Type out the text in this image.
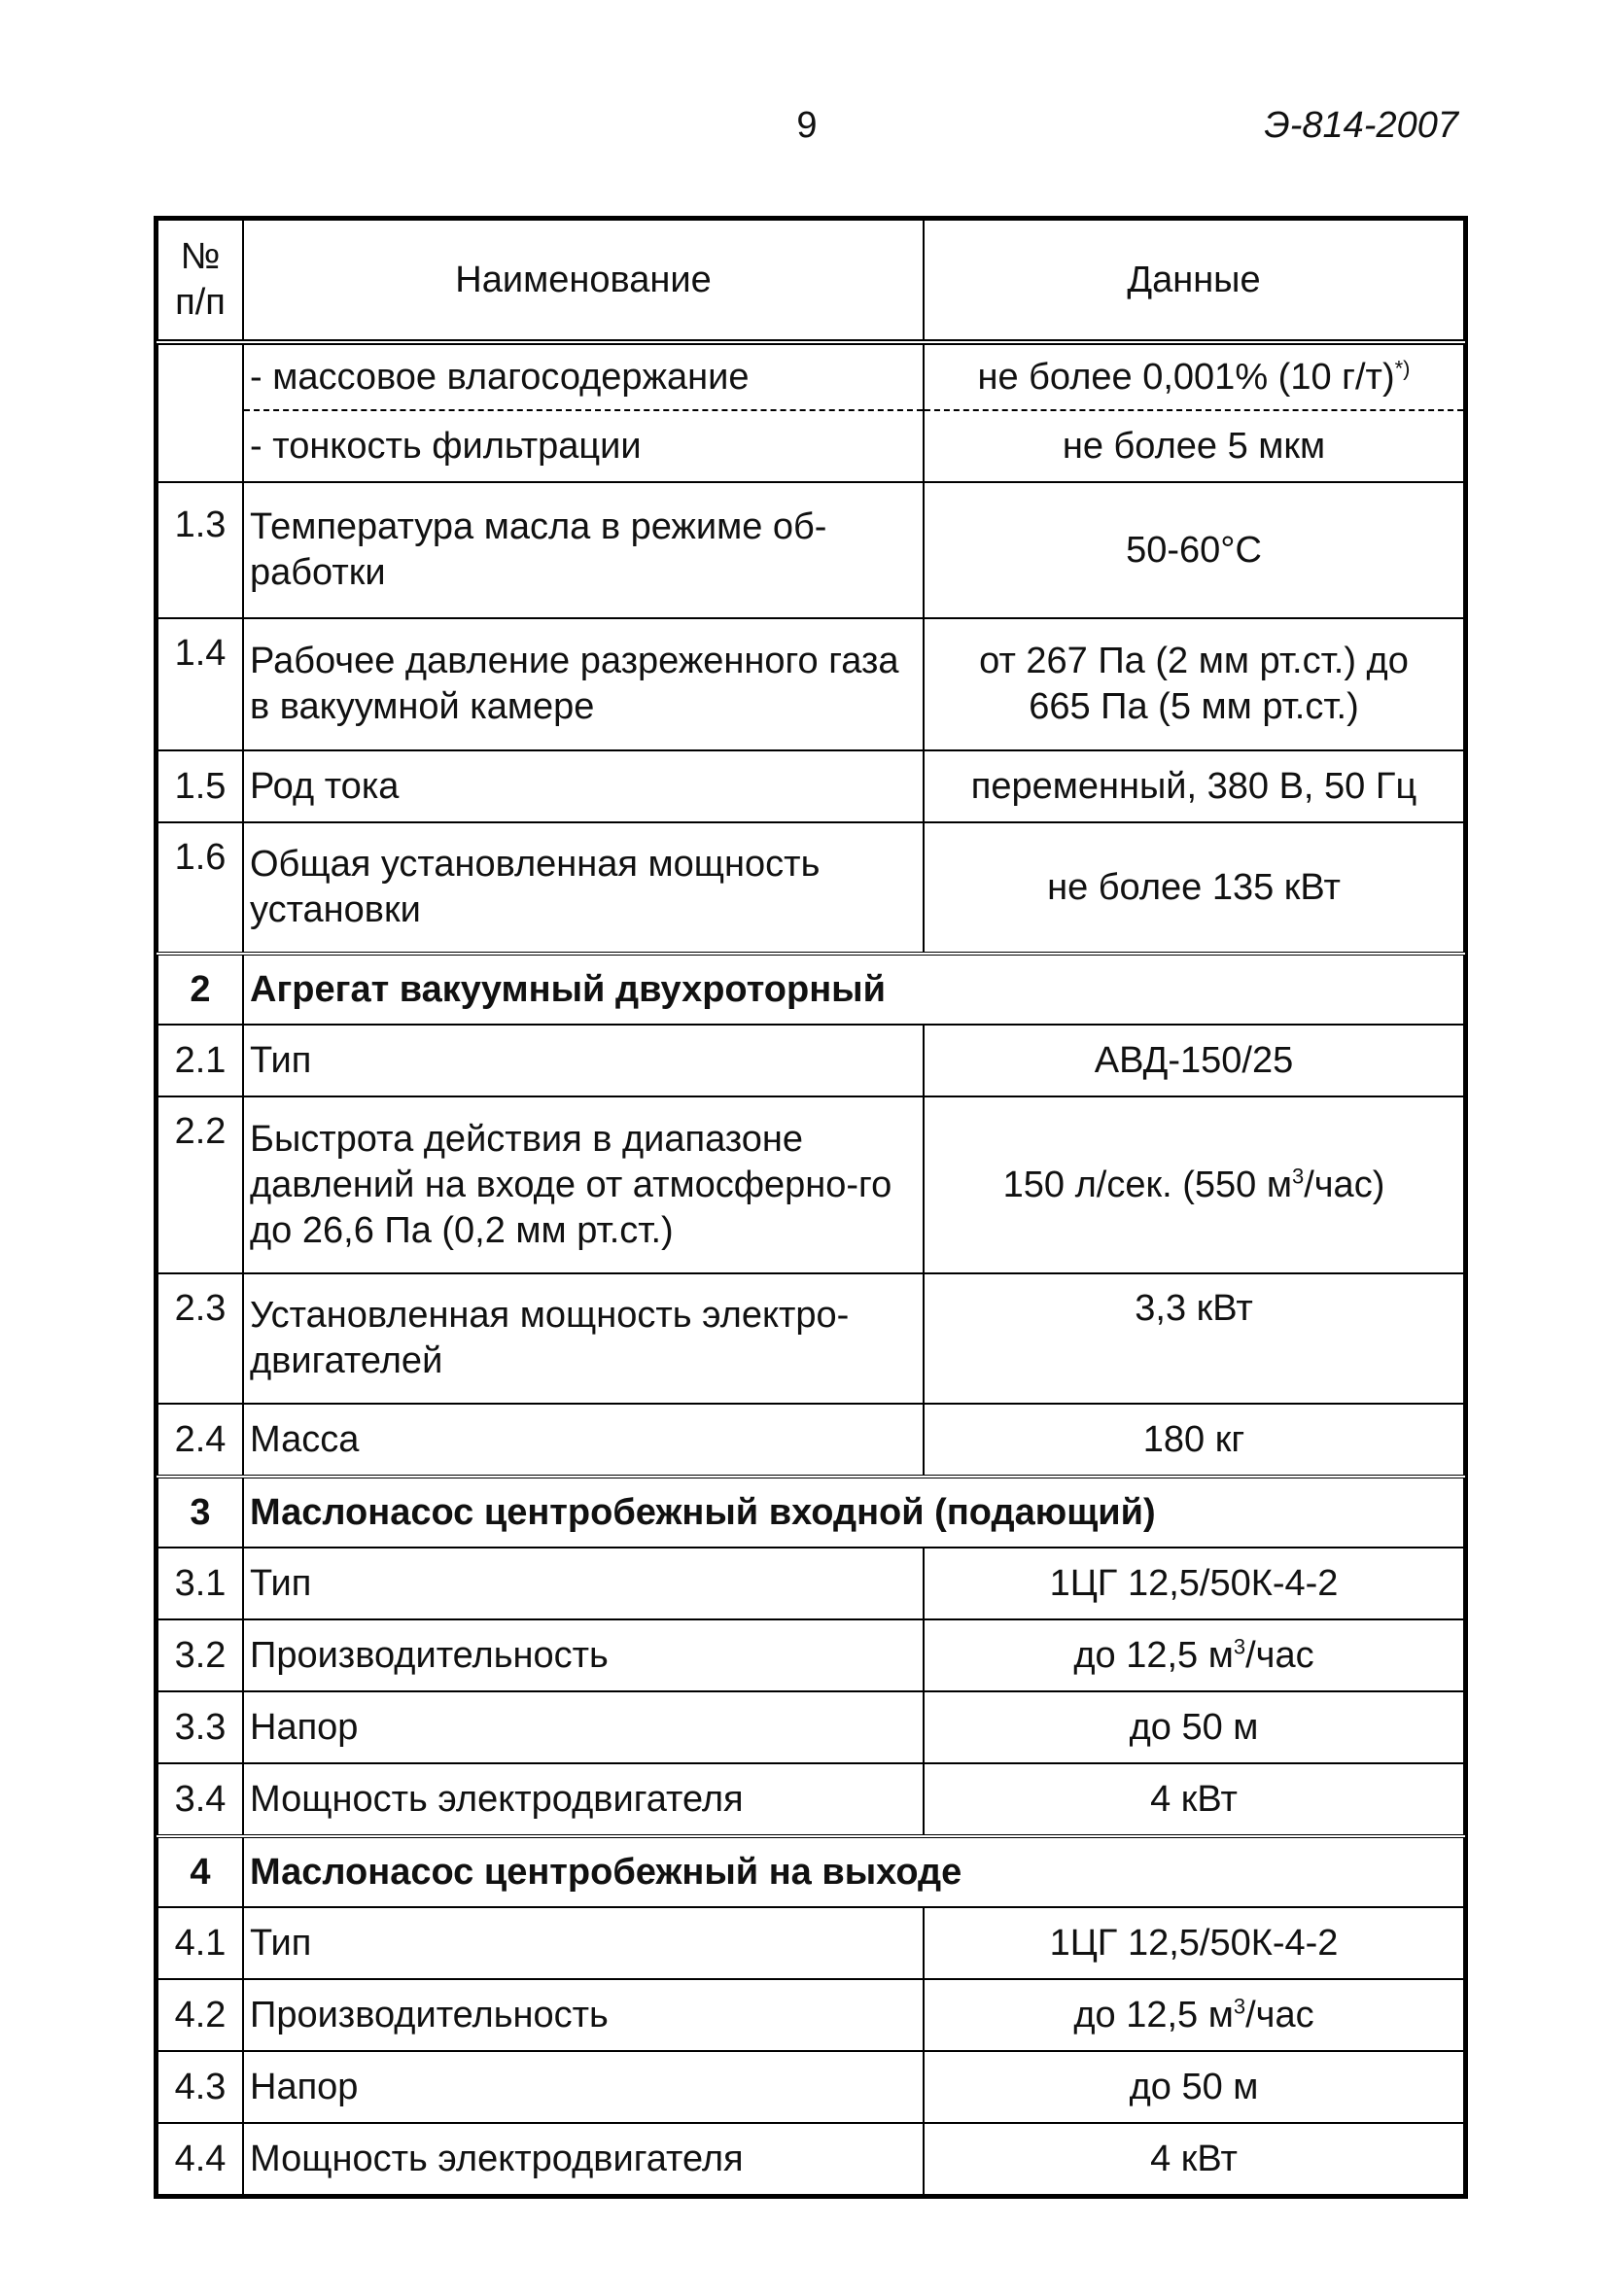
9	Э-814-2007
№ п/п	Наименование	Данные
	- массовое влагосодержание	не более 0,001% (10 г/т)*)
	- тонкость фильтрации	не более 5 мкм
1.3	Температура масла в режиме об-работки	50-60°С
1.4	Рабочее давление разреженного газа в вакуумной камере	от 267 Па (2 мм рт.ст.) до 665 Па (5 мм рт.ст.)
1.5	Род тока	переменный, 380 В, 50 Гц
1.6	Общая установленная мощность установки	не более 135 кВт
2	Агрегат вакуумный двухроторный	
2.1	Тип	АВД-150/25
2.2	Быстрота действия в диапазоне давлений на входе от атмосферно-го до 26,6 Па (0,2 мм рт.ст.)	150 л/сек. (550 $м^3/час$)
2.3	Установленная мощность электро-двигателей	3,3 кВт
2.4	Масса	180 кг
3	Маслонасос центробежный входной (подающий)	
3.1	Тип	1ЦГ 12,5/50К-4-2
3.2	Производительность	до 12,5 $м^3$/час
3.3	Напор	до 50 м
3.4	Мощность электродвигателя	4 кВт
4	Маслонасос центробежный на выходе	
4.1	Тип	1ЦГ 12,5/50К-4-2
4.2	Производительность	до 12,5 $м^3$/час
4.3	Напор	до 50 м
4.4	Мощность электродвигателя	4 кВт
